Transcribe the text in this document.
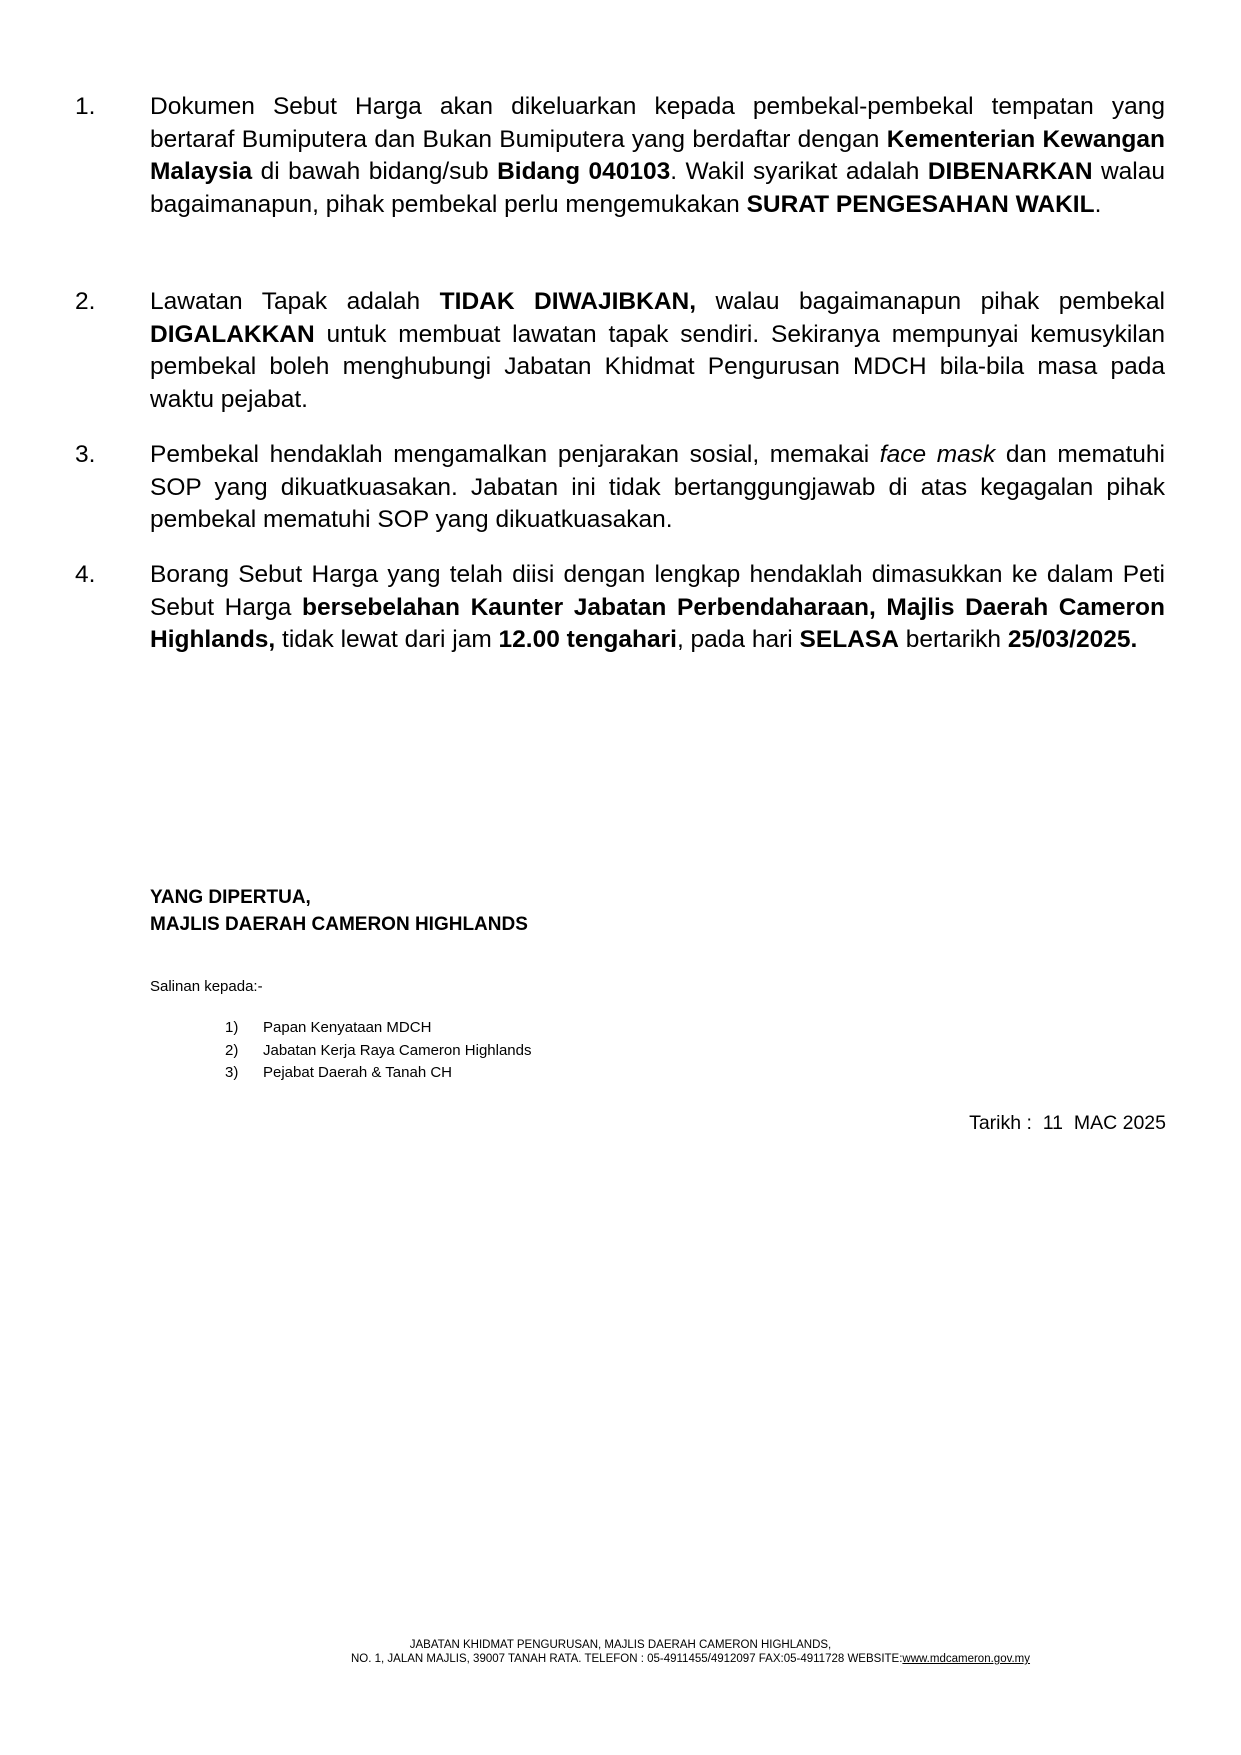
1. Dokumen Sebut Harga akan dikeluarkan kepada pembekal-pembekal tempatan yang bertaraf Bumiputera dan Bukan Bumiputera yang berdaftar dengan Kementerian Kewangan Malaysia di bawah bidang/sub Bidang 040103. Wakil syarikat adalah DIBENARKAN walau bagaimanapun, pihak pembekal perlu mengemukakan SURAT PENGESAHAN WAKIL.
2. Lawatan Tapak adalah TIDAK DIWAJIBKAN, walau bagaimanapun pihak pembekal DIGALAKKAN untuk membuat lawatan tapak sendiri. Sekiranya mempunyai kemusykilan pembekal boleh menghubungi Jabatan Khidmat Pengurusan MDCH bila-bila masa pada waktu pejabat.
3. Pembekal hendaklah mengamalkan penjarakan sosial, memakai face mask dan mematuhi SOP yang dikuatkuasakan. Jabatan ini tidak bertanggungjawab di atas kegagalan pihak pembekal mematuhi SOP yang dikuatkuasakan.
4. Borang Sebut Harga yang telah diisi dengan lengkap hendaklah dimasukkan ke dalam Peti Sebut Harga bersebelahan Kaunter Jabatan Perbendaharaan, Majlis Daerah Cameron Highlands, tidak lewat dari jam 12.00 tengahari, pada hari SELASA bertarikh 25/03/2025.
YANG DIPERTUA,
MAJLIS DAERAH CAMERON HIGHLANDS
Salinan kepada:-
1) Papan Kenyataan MDCH
2) Jabatan Kerja Raya Cameron Highlands
3) Pejabat Daerah & Tanah CH
Tarikh : 11  MAC 2025
JABATAN KHIDMAT PENGURUSAN, MAJLIS DAERAH CAMERON HIGHLANDS,
NO. 1, JALAN MAJLIS, 39007 TANAH RATA. TELEFON : 05-4911455/4912097 FAX:05-4911728 WEBSITE:www.mdcameron.gov.my
